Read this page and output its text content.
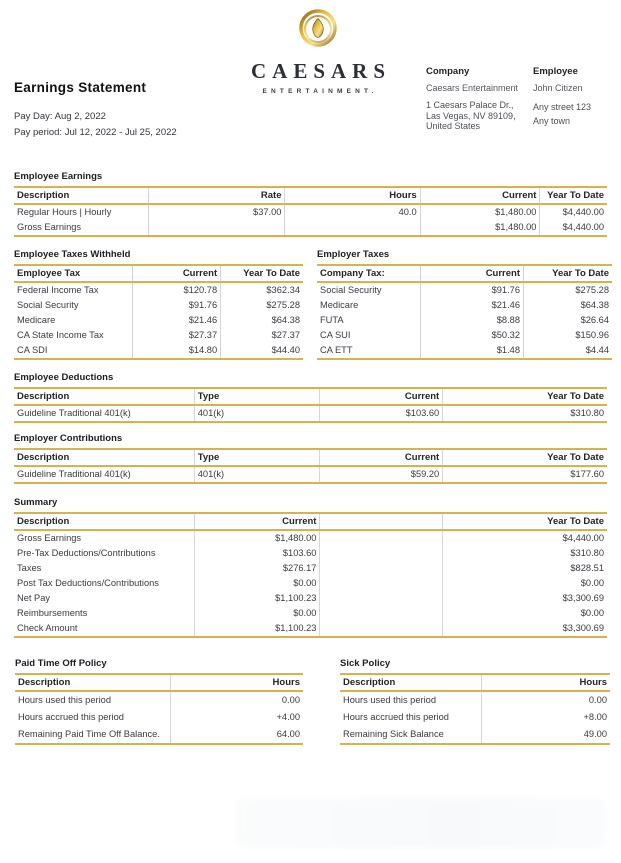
CAESARS
ENTERTAINMENT.
Earnings Statement

Pay Day: Aug 2, 2022

Pay period: Jul 12, 2022 - Jul 25, 2022

Company
Caesars Entertainment
1 Caesars Palace Dr.,
Las Vegas, NV 89109,
United States
Employee
John Citizen
Any street 123
Any town
Employee Earnings
Description	Rate	Hours	Current	Year To Date
Regular Hours | Hourly	$37.00	40.0	$1,480.00	$4,440.00
Gross Earnings			$1,480.00	$4,440.00
Employee Taxes Withheld
Employee Tax	Current	Year To Date
Federal Income Tax	$120.78	$362.34
Social Security	$91.76	$275.28
Medicare	$21.46	$64.38
CA State Income Tax	$27.37	$27.37
CA SDI	$14.80	$44.40
Employer Taxes
Company Tax:	Current	Year To Date
Social Security	$91.76	$275.28
Medicare	$21.46	$64.38
FUTA	$8.88	$26.64
CA SUI	$50.32	$150.96
CA ETT	$1.48	$4.44
Employee Deductions
Description	Type	Current	Year To Date
Guideline Traditional 401(k)	401(k)	$103.60	$310.80
Employer Contributions
Description	Type	Current	Year To Date
Guideline Traditional 401(k)	401(k)	$59.20	$177.60
Summary
Description	Current		Year To Date
Gross Earnings	$1,480.00		$4,440.00
Pre-Tax Deductions/Contributions	$103.60		$310.80
Taxes	$276.17		$828.51
Post Tax Deductions/Contributions	$0.00		$0.00
Net Pay	$1,100.23		$3,300.69
Reimbursements	$0.00		$0.00
Check Amount	$1,100.23		$3,300.69
Paid Time Off Policy
Description	Hours
Hours used this period	0.00
Hours accrued this period	+4.00
Remaining Paid Time Off Balance.	64.00
Sick Policy
Description	Hours
Hours used this period	0.00
Hours accrued this period	+8.00
Remaining Sick Balance	49.00
